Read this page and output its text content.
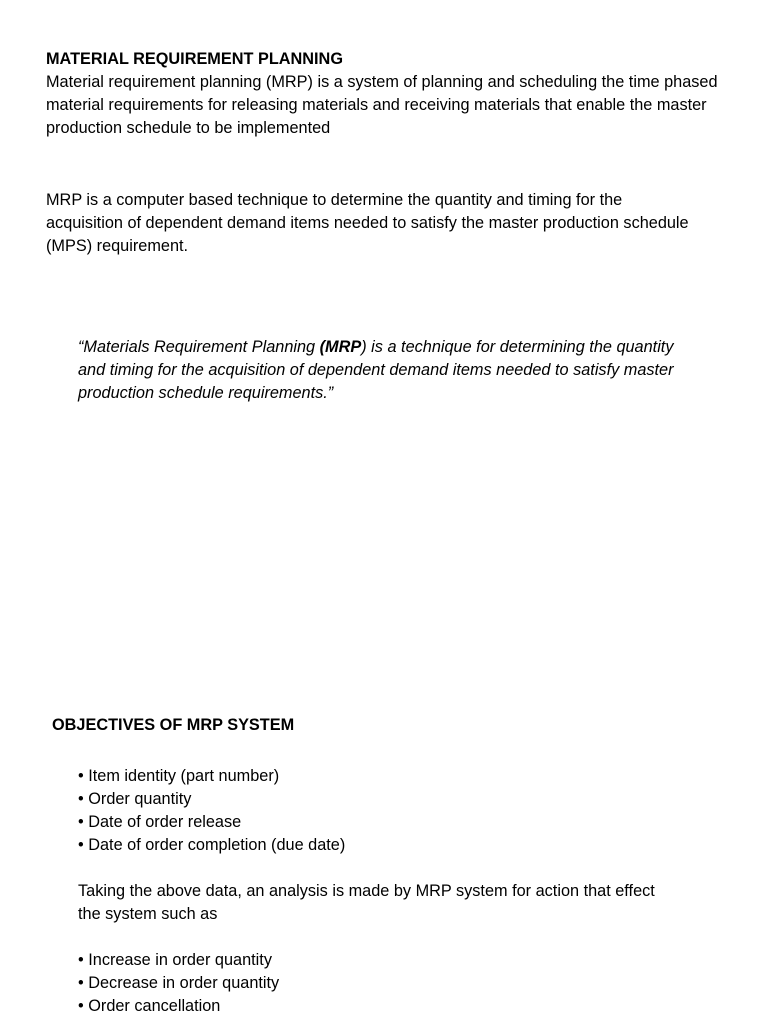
MATERIAL REQUIREMENT PLANNING

Material requirement planning (MRP) is a system of planning and scheduling the time phased material requirements for releasing materials and receiving materials that enable the master production schedule to be implemented

MRP is a computer based technique to determine the quantity and timing for the acquisition of dependent demand items needed to satisfy the master production schedule (MPS) requirement.

“Materials Requirement Planning (MRP) is a technique for determining the quantity and timing for the acquisition of dependent demand items needed to satisfy master production schedule requirements.”

OBJECTIVES OF MRP SYSTEM
• Item identity (part number)
• Order quantity
• Date of order release
• Date of order completion (due date)

Taking the above data, an analysis is made by MRP system for action that effect the system such as

• Increase in order quantity
• Decrease in order quantity
• Order cancellation
